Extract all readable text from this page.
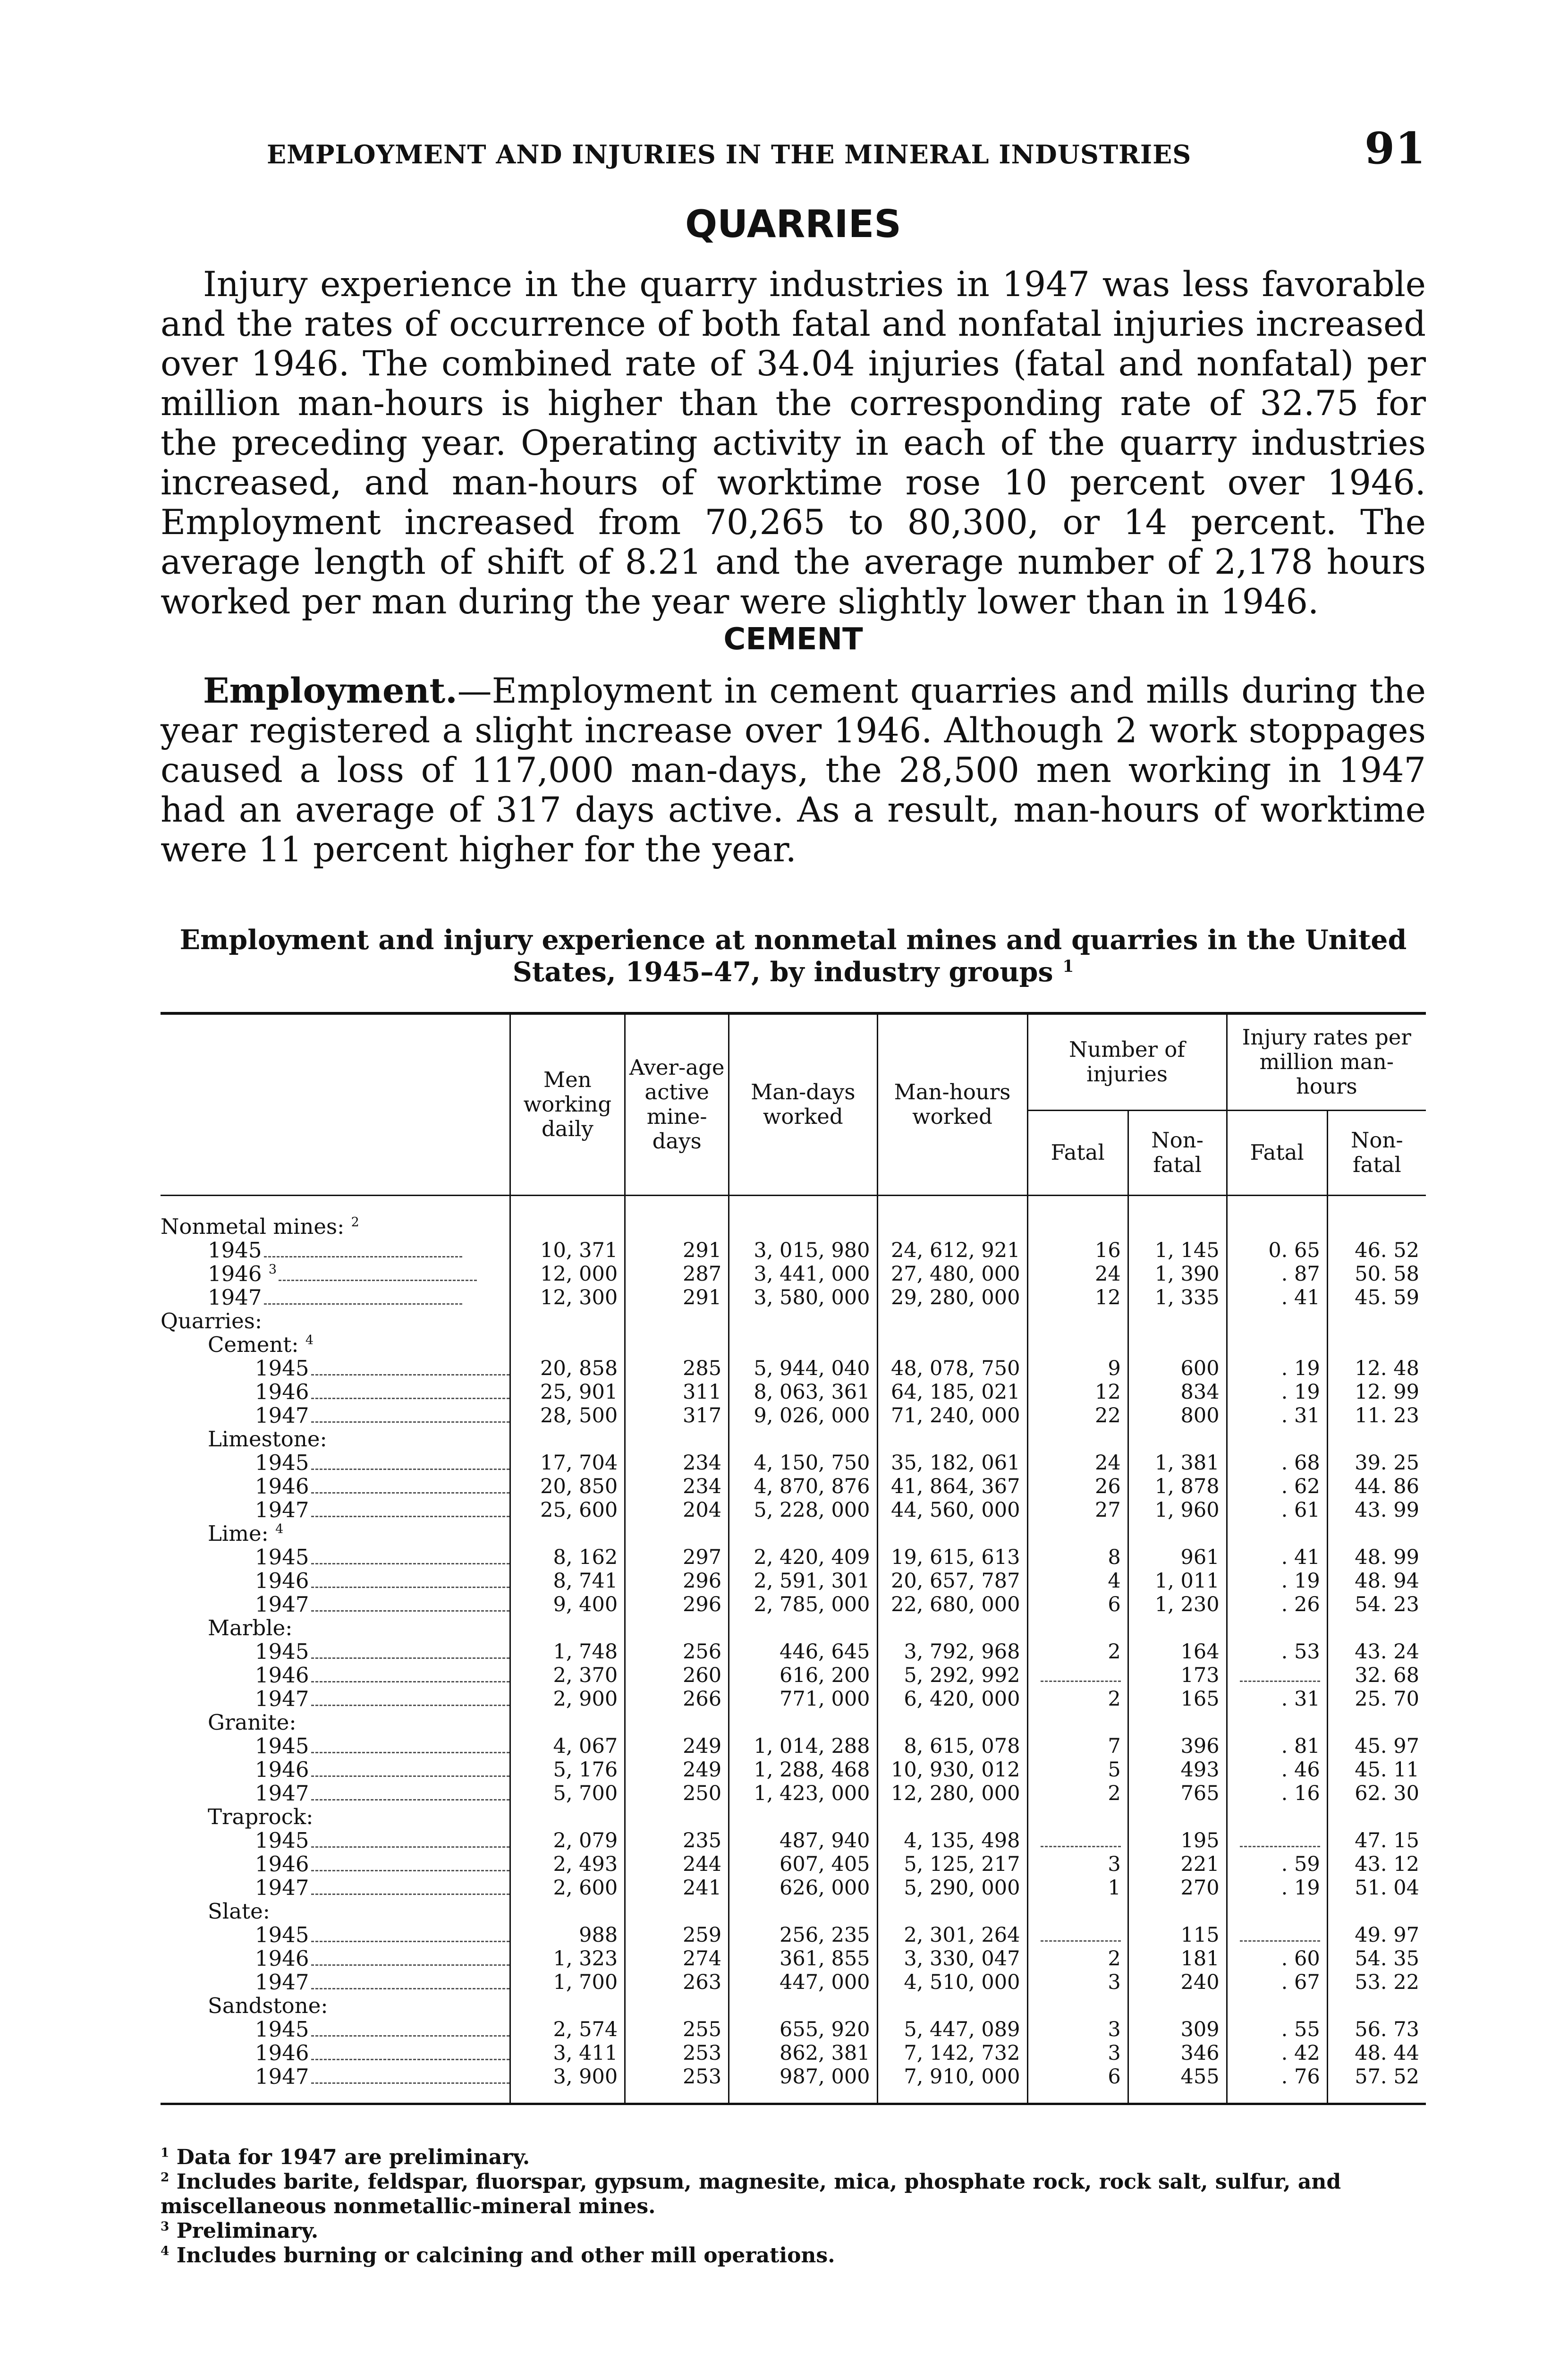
EMPLOYMENT AND INJURIES IN THE MINERAL INDUSTRIES	91
QUARRIES

Injury experience in the quarry industries in 1947 was less favorable and the rates of occurrence of both fatal and nonfatal injuries increased over 1946. The combined rate of 34.04 injuries (fatal and nonfatal) per million man-hours is higher than the corresponding rate of 32.75 for the preceding year. Operating activity in each of the quarry industries increased, and man-hours of worktime rose 10 percent over 1946. Employment increased from 70,265 to 80,300, or 14 percent. The average length of shift of 8.21 and the average number of 2,178 hours worked per man during the year were slightly lower than in 1946.

CEMENT

Employment.—Employment in cement quarries and mills during the year registered a slight increase over 1946. Although 2 work stoppages caused a loss of 117,000 man-days, the 28,500 men working in 1947 had an average of 317 days active. As a result, man-hours of worktime were 11 percent higher for the year.

Employment and injury experience at nonmetal mines and quarries in the United
States, 1945–47, by industry groups $^1$
	Men working daily	Aver-age active mine-days	Man-days worked	Man-hours worked	Number of injuries		Injury rates per million man-hours	
					Fatal	Non-fatal	Fatal	Non-fatal
Nonmetal mines: $^2$								
1945	10, 371	291	3, 015, 980	24, 612, 921	16	1, 145	0. 65	46. 52
1946 $^3$	12, 000	287	3, 441, 000	27, 480, 000	24	1, 390	. 87	50. 58
1947	12, 300	291	3, 580, 000	29, 280, 000	12	1, 335	. 41	45. 59
Quarries:								
Cement: $^4$								
1945	20, 858	285	5, 944, 040	48, 078, 750	9	600	. 19	12. 48
1946	25, 901	311	8, 063, 361	64, 185, 021	12	834	. 19	12. 99
1947	28, 500	317	9, 026, 000	71, 240, 000	22	800	. 31	11. 23
Limestone:								
1945	17, 704	234	4, 150, 750	35, 182, 061	24	1, 381	. 68	39. 25
1946	20, 850	234	4, 870, 876	41, 864, 367	26	1, 878	. 62	44. 86
1947	25, 600	204	5, 228, 000	44, 560, 000	27	1, 960	. 61	43. 99
Lime: $^4$								
1945	8, 162	297	2, 420, 409	19, 615, 613	8	961	. 41	48. 99
1946	8, 741	296	2, 591, 301	20, 657, 787	4	1, 011	. 19	48. 94
1947	9, 400	296	2, 785, 000	22, 680, 000	6	1, 230	. 26	54. 23
Marble:								
1945	1, 748	256	446, 645	3, 792, 968	2	164	. 53	43. 24
1946	2, 370	260	616, 200	5, 292, 992		173		32. 68
1947	2, 900	266	771, 000	6, 420, 000	2	165	. 31	25. 70
Granite:								
1945	4, 067	249	1, 014, 288	8, 615, 078	7	396	. 81	45. 97
1946	5, 176	249	1, 288, 468	10, 930, 012	5	493	. 46	45. 11
1947	5, 700	250	1, 423, 000	12, 280, 000	2	765	. 16	62. 30
Traprock:								
1945	2, 079	235	487, 940	4, 135, 498		195		47. 15
1946	2, 493	244	607, 405	5, 125, 217	3	221	. 59	43. 12
1947	2, 600	241	626, 000	5, 290, 000	1	270	. 19	51. 04
Slate:								
1945	988	259	256, 235	2, 301, 264		115		49. 97
1946	1, 323	274	361, 855	3, 330, 047	2	181	. 60	54. 35
1947	1, 700	263	447, 000	4, 510, 000	3	240	. 67	53. 22
Sandstone:								
1945	2, 574	255	655, 920	5, 447, 089	3	309	. 55	56. 73
1946	3, 411	253	862, 381	7, 142, 732	3	346	. 42	48. 44
1947	3, 900	253	987, 000	7, 910, 000	6	455	. 76	57. 52

$^1$ Data for 1947 are preliminary.

$^2$ Includes barite, feldspar, fluorspar, gypsum, magnesite, mica, phosphate rock, rock salt, sulfur, and miscellaneous nonmetallic-mineral mines.

$^3$ Preliminary.

$^4$ Includes burning or calcining and other mill operations.
